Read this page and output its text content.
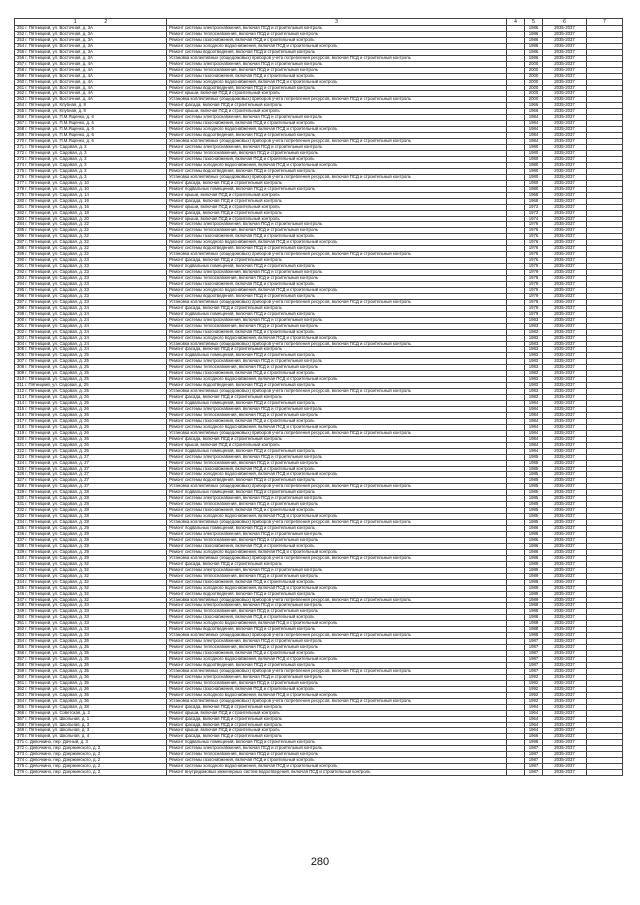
1 2	3	4	5	6	7
251 г. Пятницкий, ул. Восточная, д. 3А	Ремонт системы электроснабжения, включая ПСД и строительный контроль		1986	2035-2037	
252 г. Пятницкий, ул. Восточная, д. 3А	Ремонт системы теплоснабжения, включая ПСД и строительный контроль		1986	2035-2037	
253 г. Пятницкий, ул. Восточная, д. 3А	Ремонт системы газоснабжения, включая ПСД и строительный контроль		1986	2035-2037	
254 г. Пятницкий, ул. Восточная, д. 3А	Ремонт системы холодного водоснабжения, включая ПСД и строительный контроль		1986	2035-2037	
255 г. Пятницкий, ул. Восточная, д. 3А	Ремонт системы водоотведения, включая ПСД и строительный контроль		1986	2035-2037	
256 г. Пятницкий, ул. Восточная, д. 3А	Установка коллективных (общедомовых) приборов учета потребления ресурсов, включая ПСД и строительный контроль		1986	2035-2037	
257 г. Пятницкий, ул. Восточная, д. 4А	Ремонт системы электроснабжения, включая ПСД и строительный контроль		2000	2035-2037	
258 г. Пятницкий, ул. Восточная, д. 4А	Ремонт системы теплоснабжения, включая ПСД и строительный контроль		2000	2035-2037	
259 г. Пятницкий, ул. Восточная, д. 4А	Ремонт системы газоснабжения, включая ПСД и строительный контроль		2000	2035-2037	
260 г. Пятницкий, ул. Восточная, д. 4А	Ремонт системы холодного водоснабжения, включая ПСД и строительный контроль		2000	2035-2037	
261 г. Пятницкий, ул. Восточная, д. 4А	Ремонт системы водоотведения, включая ПСД и строительный контроль		2000	2035-2037	
262 г. Пятницкий, ул. Восточная, д. 4А	Ремонт крыши, включая ПСД и строительный контроль		2000	2035-2037	
263 г. Пятницкий, ул. Восточная, д. 4А	Установка коллективных (общедомовых) приборов учета потребления ресурсов, включая ПСД и строительный контроль		2000	2035-2037	
264 г. Пятницкий, ул. Клубная, д. 8	Ремонт фасада, включая ПСД и строительный контроль		1966	2035-2037	
265 г. Пятницкий, ул. Клубная, д. 8	Ремонт крыши, включая ПСД и строительный контроль		1966	2035-2037	
266 г. Пятницкий, ул. П.М.Ященко, д. 6	Ремонт системы электроснабжения, включая ПСД и строительный контроль		1984	2035-2037	
267 г. Пятницкий, ул. П.М.Ященко, д. 6	Ремонт системы газоснабжения, включая ПСД и строительный контроль		1984	2035-2037	
268 г. Пятницкий, ул. П.М.Ященко, д. 6	Ремонт системы холодного водоснабжения, включая ПСД и строительный контроль		1984	2035-2037	
269 г. Пятницкий, ул. П.М.Ященко, д. 6	Ремонт системы водоотведения, включая ПСД и строительный контроль		1984	2035-2037	
270 г. Пятницкий, ул. П.М.Ященко, д. 6	Установка коллективных (общедомовых) приборов учета потребления ресурсов, включая ПСД и строительный контроль		1984	2035-2037	
271 г. Пятницкий, ул. Садовая, д. 3	Ремонт системы электроснабжения, включая ПСД и строительный контроль		1980	2035-2037	
272 г. Пятницкий, ул. Садовая, д. 3	Ремонт системы теплоснабжения, включая ПСД и строительный контроль		1980	2035-2037	
273 г. Пятницкий, ул. Садовая, д. 3	Ремонт системы газоснабжения, включая ПСД и строительный контроль		1980	2035-2037	
274 г. Пятницкий, ул. Садовая, д. 3	Ремонт системы холодного водоснабжения, включая ПСД и строительный контроль		1980	2035-2037	
275 г. Пятницкий, ул. Садовая, д. 3	Ремонт системы водоотведения, включая ПСД и строительный контроль		1980	2035-2037	
276 г. Пятницкий, ул. Садовая, д. 3	Установка коллективных (общедомовых) приборов учета потребления ресурсов, включая ПСД и строительный контроль		1980	2035-2037	
277 г. Пятницкий, ул. Садовая, д. 10	Ремонт фасада, включая ПСД и строительный контроль		1980	2035-2037	
278 г. Пятницкий, ул. Садовая, д. 10	Ремонт подвальных помещений, включая ПСД и строительный контроль		1980	2035-2037	
279 г. Пятницкий, ул. Садовая, д. 14	Ремонт крыши, включая ПСД и строительный контроль		1968	2035-2037	
280 г. Пятницкий, ул. Садовая, д. 16	Ремонт фасада, включая ПСД и строительный контроль		1968	2035-2037	
281 г. Пятницкий, ул. Садовая, д. 16	Ремонт крыши, включая ПСД и строительный контроль		1972	2035-2037	
282 г. Пятницкий, ул. Садовая, д. 18	Ремонт фасада, включая ПСД и строительный контроль		1973	2035-2037	
283 г. Пятницкий, ул. Садовая, д. 20	Ремонт крыши, включая ПСД и строительный контроль		1974	2035-2037	
284 г. Пятницкий, ул. Садовая, д. 22	Ремонт системы электроснабжения, включая ПСД и строительный контроль		1976	2035-2037	
285 г. Пятницкий, ул. Садовая, д. 22	Ремонт системы теплоснабжения, включая ПСД и строительный контроль		1976	2035-2037	
286 г. Пятницкий, ул. Садовая, д. 22	Ремонт системы газоснабжения, включая ПСД и строительный контроль		1976	2035-2037	
287 г. Пятницкий, ул. Садовая, д. 22	Ремонт системы холодного водоснабжения, включая ПСД и строительный контроль		1976	2035-2037	
288 г. Пятницкий, ул. Садовая, д. 22	Ремонт системы водоотведения, включая ПСД и строительный контроль		1976	2035-2037	
289 г. Пятницкий, ул. Садовая, д. 22	Установка коллективных (общедомовых) приборов учета потребления ресурсов, включая ПСД и строительный контроль		1976	2035-2037	
290 г. Пятницкий, ул. Садовая, д. 23	Ремонт фасада, включая ПСД и строительный контроль		1976	2035-2037	
291 г. Пятницкий, ул. Садовая, д. 23	Ремонт подвальных помещений, включая ПСД и строительный контроль		1979	2035-2037	
292 г. Пятницкий, ул. Садовая, д. 23	Ремонт системы электроснабжения, включая ПСД и строительный контроль		1979	2035-2037	
293 г. Пятницкий, ул. Садовая, д. 23	Ремонт системы теплоснабжения, включая ПСД и строительный контроль		1979	2035-2037	
294 г. Пятницкий, ул. Садовая, д. 23	Ремонт системы газоснабжения, включая ПСД и строительный контроль		1979	2035-2037	
295 г. Пятницкий, ул. Садовая, д. 23	Ремонт системы холодного водоснабжения, включая ПСД и строительный контроль		1979	2035-2037	
296 г. Пятницкий, ул. Садовая, д. 23	Ремонт системы водоотведения, включая ПСД и строительный контроль		1979	2035-2037	
297 г. Пятницкий, ул. Садовая, д. 23	Установка коллективных (общедомовых) приборов учета потребления ресурсов, включая ПСД и строительный контроль		1979	2035-2037	
298 г. Пятницкий, ул. Садовая, д. 24	Ремонт фасада, включая ПСД и строительный контроль		1979	2035-2037	
299 г. Пятницкий, ул. Садовая, д. 24	Ремонт подвальных помещений, включая ПСД и строительный контроль		1979	2035-2037	
300 г. Пятницкий, ул. Садовая, д. 24	Ремонт системы электроснабжения, включая ПСД и строительный контроль		1983	2035-2037	
301 г. Пятницкий, ул. Садовая, д. 24	Ремонт системы теплоснабжения, включая ПСД и строительный контроль		1983	2035-2037	
302 г. Пятницкий, ул. Садовая, д. 24	Ремонт системы газоснабжения, включая ПСД и строительный контроль		1983	2035-2037	
303 г. Пятницкий, ул. Садовая, д. 24	Ремонт системы холодного водоснабжения, включая ПСД и строительный контроль		1983	2035-2037	
304 г. Пятницкий, ул. Садовая, д. 24	Установка коллективных (общедомовых) приборов учета потребления ресурсов, включая ПСД и строительный контроль		1983	2035-2037	
305 г. Пятницкий, ул. Садовая, д. 24	Ремонт фасада, включая ПСД и строительный контроль		1983	2035-2037	
306 г. Пятницкий, ул. Садовая, д. 25	Ремонт подвальных помещений, включая ПСД и строительный контроль		1983	2035-2037	
307 г. Пятницкий, ул. Садовая, д. 25	Ремонт системы электроснабжения, включая ПСД и строительный контроль		1983	2035-2037	
308 г. Пятницкий, ул. Садовая, д. 25	Ремонт системы теплоснабжения, включая ПСД и строительный контроль		1983	2035-2037	
309 г. Пятницкий, ул. Садовая, д. 25	Ремонт системы газоснабжения, включая ПСД и строительный контроль		1983	2035-2037	
310 г. Пятницкий, ул. Садовая, д. 25	Ремонт системы холодного водоснабжения, включая ПСД и строительный контроль		1983	2035-2037	
311 г. Пятницкий, ул. Садовая, д. 25	Ремонт системы водоотведения, включая ПСД и строительный контроль		1983	2035-2037	
312 г. Пятницкий, ул. Садовая, д. 25	Установка коллективных (общедомовых) приборов учета потребления ресурсов, включая ПСД и строительный контроль		1983	2035-2037	
313 г. Пятницкий, ул. Садовая, д. 26	Ремонт фасада, включая ПСД и строительный контроль		1983	2035-2037	
314 г. Пятницкий, ул. Садовая, д. 26	Ремонт подвальных помещений, включая ПСД и строительный контроль		1984	2035-2037	
315 г. Пятницкий, ул. Садовая, д. 26	Ремонт системы электроснабжения, включая ПСД и строительный контроль		1984	2035-2037	
316 г. Пятницкий, ул. Садовая, д. 26	Ремонт системы теплоснабжения, включая ПСД и строительный контроль		1984	2035-2037	
317 г. Пятницкий, ул. Садовая, д. 26	Ремонт системы газоснабжения, включая ПСД и строительный контроль		1984	2035-2037	
318 г. Пятницкий, ул. Садовая, д. 26	Ремонт системы холодного водоснабжения, включая ПСД и строительный контроль		1984	2035-2037	
319 г. Пятницкий, ул. Садовая, д. 26	Установка коллективных (общедомовых) приборов учета потребления ресурсов, включая ПСД и строительный контроль		1984	2035-2037	
320 г. Пятницкий, ул. Садовая, д. 26	Ремонт фасада, включая ПСД и строительный контроль		1984	2035-2037	
321 г. Пятницкий, ул. Садовая, д. 26	Ремонт крыши, включая ПСД и строительный контроль		1984	2035-2037	
322 г. Пятницкий, ул. Садовая, д. 26	Ремонт подвальных помещений, включая ПСД и строительный контроль		1984	2035-2037	
323 г. Пятницкий, ул. Садовая, д. 27	Ремонт системы электроснабжения, включая ПСД и строительный контроль		1985	2035-2037	
324 г. Пятницкий, ул. Садовая, д. 27	Ремонт системы теплоснабжения, включая ПСД и строительный контроль		1985	2035-2037	
325 г. Пятницкий, ул. Садовая, д. 27	Ремонт системы газоснабжения, включая ПСД и строительный контроль		1985	2035-2037	
326 г. Пятницкий, ул. Садовая, д. 27	Ремонт системы холодного водоснабжения, включая ПСД и строительный контроль		1985	2035-2037	
327 г. Пятницкий, ул. Садовая, д. 27	Ремонт системы водоотведения, включая ПСД и строительный контроль		1985	2035-2037	
328 г. Пятницкий, ул. Садовая, д. 27	Установка коллективных (общедомовых) приборов учета потребления ресурсов, включая ПСД и строительный контроль		1985	2035-2037	
329 г. Пятницкий, ул. Садовая, д. 28	Ремонт подвальных помещений, включая ПСД и строительный контроль		1985	2035-2037	
330 г. Пятницкий, ул. Садовая, д. 28	Ремонт системы электроснабжения, включая ПСД и строительный контроль		1985	2035-2037	
331 г. Пятницкий, ул. Садовая, д. 28	Ремонт системы теплоснабжения, включая ПСД и строительный контроль		1985	2035-2037	
332 г. Пятницкий, ул. Садовая, д. 28	Ремонт системы газоснабжения, включая ПСД и строительный контроль		1985	2035-2037	
333 г. Пятницкий, ул. Садовая, д. 28	Ремонт системы холодного водоснабжения, включая ПСД и строительный контроль		1985	2035-2037	
334 г. Пятницкий, ул. Садовая, д. 28	Установка коллективных (общедомовых) приборов учета потребления ресурсов, включая ПСД и строительный контроль		1985	2035-2037	
335 г. Пятницкий, ул. Садовая, д. 29	Ремонт подвальных помещений, включая ПСД и строительный контроль		1986	2035-2037	
336 г. Пятницкий, ул. Садовая, д. 29	Ремонт системы электроснабжения, включая ПСД и строительный контроль		1986	2035-2037	
337 г. Пятницкий, ул. Садовая, д. 29	Ремонт системы теплоснабжения, включая ПСД и строительный контроль		1986	2035-2037	
338 г. Пятницкий, ул. Садовая, д. 29	Ремонт системы газоснабжения, включая ПСД и строительный контроль		1986	2035-2037	
339 г. Пятницкий, ул. Садовая, д. 29	Ремонт системы холодного водоснабжения, включая ПСД и строительный контроль		1986	2035-2037	
340 г. Пятницкий, ул. Садовая, д. 29	Установка коллективных (общедомовых) приборов учета потребления ресурсов, включая ПСД и строительный контроль		1986	2035-2037	
341 г. Пятницкий, ул. Садовая, д. 32	Ремонт фасада, включая ПСД и строительный контроль		1989	2035-2037	
342 г. Пятницкий, ул. Садовая, д. 32	Ремонт системы электроснабжения, включая ПСД и строительный контроль		1989	2035-2037	
343 г. Пятницкий, ул. Садовая, д. 32	Ремонт системы теплоснабжения, включая ПСД и строительный контроль		1989	2035-2037	
344 г. Пятницкий, ул. Садовая, д. 32	Ремонт системы газоснабжения, включая ПСД и строительный контроль		1989	2035-2037	
345 г. Пятницкий, ул. Садовая, д. 32	Ремонт системы холодного водоснабжения, включая ПСД и строительный контроль		1989	2035-2037	
346 г. Пятницкий, ул. Садовая, д. 32	Ремонт системы водоотведения, включая ПСД и строительный контроль		1989	2035-2037	
347 г. Пятницкий, ул. Садовая, д. 32	Установка коллективных (общедомовых) приборов учета потребления ресурсов, включая ПСД и строительный контроль		1989	2035-2037	
348 г. Пятницкий, ул. Садовая, д. 33	Ремонт системы электроснабжения, включая ПСД и строительный контроль		1988	2035-2037	
349 г. Пятницкий, ул. Садовая, д. 33	Ремонт системы теплоснабжения, включая ПСД и строительный контроль		1988	2035-2037	
350 г. Пятницкий, ул. Садовая, д. 33	Ремонт системы газоснабжения, включая ПСД и строительный контроль		1988	2035-2037	
351 г. Пятницкий, ул. Садовая, д. 33	Ремонт системы холодного водоснабжения, включая ПСД и строительный контроль		1988	2035-2037	
352 г. Пятницкий, ул. Садовая, д. 33	Ремонт системы водоотведения, включая ПСД и строительный контроль		1988	2035-2037	
353 г. Пятницкий, ул. Садовая, д. 33	Установка коллективных (общедомовых) приборов учета потребления ресурсов, включая ПСД и строительный контроль		1988	2035-2037	
354 г. Пятницкий, ул. Садовая, д. 35	Ремонт системы электроснабжения, включая ПСД и строительный контроль		1987	2035-2037	
355 г. Пятницкий, ул. Садовая, д. 35	Ремонт системы теплоснабжения, включая ПСД и строительный контроль		1987	2035-2037	
356 г. Пятницкий, ул. Садовая, д. 35	Ремонт системы газоснабжения, включая ПСД и строительный контроль		1987	2035-2037	
357 г. Пятницкий, ул. Садовая, д. 35	Ремонт системы холодного водоснабжения, включая ПСД и строительный контроль		1987	2035-2037	
358 г. Пятницкий, ул. Садовая, д. 35	Ремонт системы водоотведения, включая ПСД и строительный контроль		1987	2035-2037	
359 г. Пятницкий, ул. Садовая, д. 35	Установка коллективных (общедомовых) приборов учета потребления ресурсов, включая ПСД и строительный контроль		1987	2035-2037	
360 г. Пятницкий, ул. Садовая, д. 36	Ремонт системы электроснабжения, включая ПСД и строительный контроль		1992	2035-2037	
361 г. Пятницкий, ул. Садовая, д. 36	Ремонт системы теплоснабжения, включая ПСД и строительный контроль		1992	2035-2037	
362 г. Пятницкий, ул. Садовая, д. 36	Ремонт системы газоснабжения, включая ПСД и строительный контроль		1992	2035-2037	
363 г. Пятницкий, ул. Садовая, д. 36	Ремонт системы холодного водоснабжения, включая ПСД и строительный контроль		1992	2035-2037	
364 г. Пятницкий, ул. Садовая, д. 36	Установка коллективных (общедомовых) приборов учета потребления ресурсов, включая ПСД и строительный контроль		1992	2035-2037	
365 г. Пятницкий, ул. Садовая, д. 38	Ремонт фасада, включая ПСД и строительный контроль		1994	2035-2037	
366 г. Пятницкий, ул. Советская, д. 2	Ремонт крыши, включая ПСД и строительный контроль		1964	2035-2037	
367 г. Пятницкий, ул. Школьная, д. 1	Ремонт фасада, включая ПСД и строительный контроль		1964	2035-2037	
368 г. Пятницкий, ул. Школьная, д. 3	Ремонт фасада, включая ПСД и строительный контроль		1964	2035-2037	
369 г. Пятницкий, ул. Школьная, д. 3	Ремонт крыши, включая ПСД и строительный контроль		1964	2035-2037	
370 г. Пятницкий, ул. Школьная, д. 4	Ремонт фасада, включая ПСД и строительный контроль		1966	2035-2037	
371 с. Девочкино, пер. Дачный, д. 3	Ремонт подвальных помещений, включая ПСД и строительный контроль		1996	2035-2037	
372 с. Девочкино, пер. Дзержинского, д. 2	Ремонт системы электроснабжения, включая ПСД и строительный контроль		1987	2035-2037	
373 с. Девочкино, пер. Дзержинского, д. 2	Ремонт системы теплоснабжения, включая ПСД и строительный контроль		1987	2035-2037	
374 с. Девочкино, пер. Дзержинского, д. 2	Ремонт системы газоснабжения, включая ПСД и строительный контроль		1987	2035-2037	
375 с. Девочкино, пер. Дзержинского, д. 2	Ремонт системы холодного водоснабжения, включая ПСД и строительный контроль		1987	2035-2037	
376 с. Девочкино, пер. Дзержинского, д. 2	Ремонт внутридомовых инженерных систем водоотведения, включая ПСД и строительный контроль		1987	2035-2037	
280
